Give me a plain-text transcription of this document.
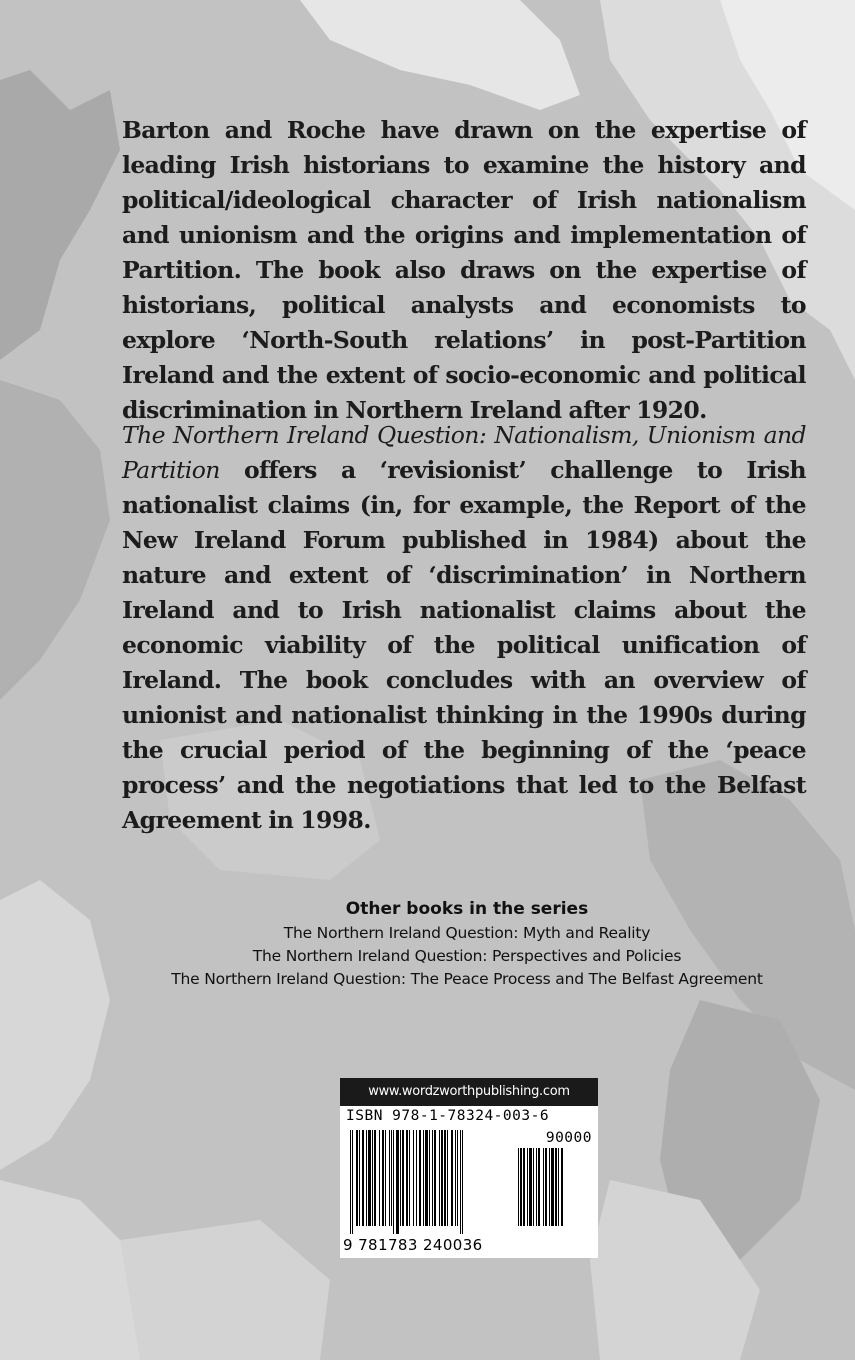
Barton and Roche have drawn on the expertise of leading Irish historians to examine the history and political/ideological character of Irish nationalism and unionism and the origins and implementation of Partition. The book also draws on the expertise of historians, political analysts and economists to explore ‘North-South relations’ in post-Partition Ireland and the extent of socio-economic and political discrimination in Northern Ireland after 1920.

The Northern Ireland Question: Nationalism, Unionism and Partition offers a ‘revisionist’ challenge to Irish nationalist claims (in, for example, the Report of the New Ireland Forum published in 1984) about the nature and extent of ‘discrimination’ in Northern Ireland and to Irish nationalist claims about the economic viability of the political unification of Ireland. The book concludes with an overview of unionist and nationalist thinking in the 1990s during the crucial period of the beginning of the ‘peace process’ and the negotiations that led to the Belfast Agreement in 1998.

Other books in the series

The Northern Ireland Question: Myth and Reality

The Northern Ireland Question: Perspectives and Policies

The Northern Ireland Question: The Peace Process and The Belfast Agreement

www.wordzworthpublishing.com
ISBN 978-1-78324-003-6
90000
9 781783 240036
